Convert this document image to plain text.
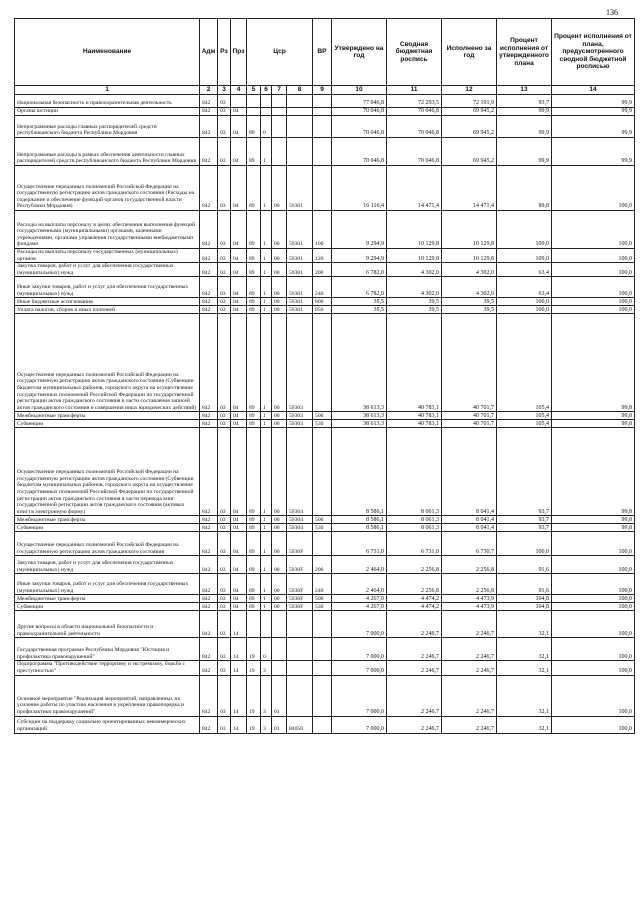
136
Наименование	Адм	Рз	Прз	Цср				ВР	Утверждено на год	Сводная бюджетная роспись	Исполнено за год	Процент исполнения от утвержденного плана	Процент исполнения от плана, предусмотренного сводной бюджетной росписью
1	2	3	4	5	6	7	8	9	10	11	12	13	14
Национальная безопасность и правоохранительная деятельность	842	03							77 046,8	72 293,5	72 191,9	93,7	99,9
Органы юстиции	842	03	04						70 046,8	70 046,8	69 945,2	99,9	99,9
Непрограммные расходы главных распорядителей средств республиканского бюджета Республики Мордовия	842	03	04	89	0				70 046,8	70 046,8	69 945,2	99,9	99,9
Непрограммные расходы в рамках обеспечения деятельности главных распорядителей средств республиканского бюджета Республики Мордовия	842	03	04	89	1				70 046,8	70 046,8	69 945,2	99,9	99,9
Осуществление переданных полномочий Российской Федерации на государственную регистрацию актов гражданского состояния (Расходы на содержание и обеспечение функций органов государственной власти Республики Мордовия)	842	03	04	89	1	00	59301		16 116,4	14 471,4	14 471,4	89,8	100,0
Расходы на выплаты персоналу в целях обеспечения выполнения функций государственными (муниципальными) органами, казенными учреждениями, органами управления государственными внебюджетными фондами	842	03	04	89	1	00	59301	100	9 294,9	10 129,8	10 129,8	109,0	100,0
Расходы на выплаты персоналу государственных (муниципальных) органов	842	03	04	89	1	00	59301	120	9 294,9	10 129,8	10 129,8	109,0	100,0
Закупка товаров, работ и услуг для обеспечения государственных (муниципальных) нужд	842	03	04	89	1	00	59301	200	6 782,0	4 302,0	4 302,0	63,4	100,0
Иные закупки товаров, работ и услуг для обеспечения государственных (муниципальных) нужд	842	03	04	89	1	00	59301	240	6 782,0	4 302,0	4 302,0	63,4	100,0
Иные бюджетные ассигнования	842	03	04	89	1	00	59301	800	39,5	39,5	39,5	100,0	100,0
Уплата налогов, сборов и иных платежей	842	03	04	89	1	00	59301	850	39,5	39,5	39,5	100,0	100,0
Осуществление переданных полномочий Российской Федерации на государственную регистрацию актов гражданского состояния (Субвенции бюджетам муниципальных районов, городского округа на осуществление государственных полномочий Российской Федерации по государственной регистрации актов гражданского состояния в части составления записей актов гражданского состояния и совершения иных юридических действий)	842	03	04	89	1	00	59303		38 613,3	40 783,1	40 701,7	105,4	99,8
Межбюджетные трансферты	842	03	04	89	1	00	59303	500	38 613,3	40 783,1	40 701,7	105,4	99,8
Субвенции	842	03	04	89	1	00	59303	530	38 613,3	40 783,1	40 701,7	105,4	99,8
Осуществление переданных полномочий Российской Федерации на государственную регистрацию актов гражданского состояния (Субвенции бюджетам муниципальных районов, городского округа на осуществление государственных полномочий Российской Федерации по государственной регистрации актов гражданского состояния в части перевода книг государственной регистрации актов гражданского состояния (актовых книг) в электронную форму)	842	03	04	89	1	00	59304		8 586,1	8 061,3	8 041,4	93,7	99,8
Межбюджетные трансферты	842	03	04	89	1	00	59304	500	8 586,1	8 061,3	8 041,4	93,7	99,8
Субвенции	842	03	04	89	1	00	59304	530	8 586,1	8 061,3	8 041,4	93,7	99,8
Осуществление переданных полномочий Российской Федерации на государственную регистрацию актов гражданского состояния	842	03	04	89	1	00	5930F		6 731,0	6 731,0	6 730,7	100,0	100,0
Закупка товаров, работ и услуг для обеспечения государственных (муниципальных) нужд	842	03	04	89	1	00	5930F	200	2 464,0	2 256,8	2 256,8	91,6	100,0
Иные закупки товаров, работ и услуг для обеспечения государственных (муниципальных) нужд	842	03	04	89	1	00	5930F	240	2 464,0	2 256,8	2 256,8	91,6	100,0
Межбюджетные трансферты	842	03	04	89	1	00	5930F	500	4 267,0	4 474,2	4 473,9	104,8	100,0
Субвенции	842	03	04	89	1	00	5930F	530	4 267,0	4 474,2	4 473,9	104,8	100,0
Другие вопросы в области национальной безопасности и правоохранительной деятельности	842	03	14						7 000,0	2 246,7	2 246,7	32,1	100,0
Государственная программа Республики Мордовия "Юстиция и профилактика правонарушений"	842	03	14	19	0				7 000,0	2 246,7	2 246,7	32,1	100,0
Подпрограмма "Противодействие терроризму и экстремизму, борьба с преступностью"	842	03	14	19	3				7 000,0	2 246,7	2 246,7	32,1	100,0
Основное мероприятие "Реализация мероприятий, направленных на усиление работы по участию населения в укреплении правопорядка и профилактики правонарушений"	842	03	14	19	3	01			7 000,0	2 246,7	2 246,7	32,1	100,0
Субсидии на поддержку социально ориентированных некоммерческих организаций	842	03	14	19	3	01	84050		7 000,0	2 246,7	2 246,7	32,1	100,0
